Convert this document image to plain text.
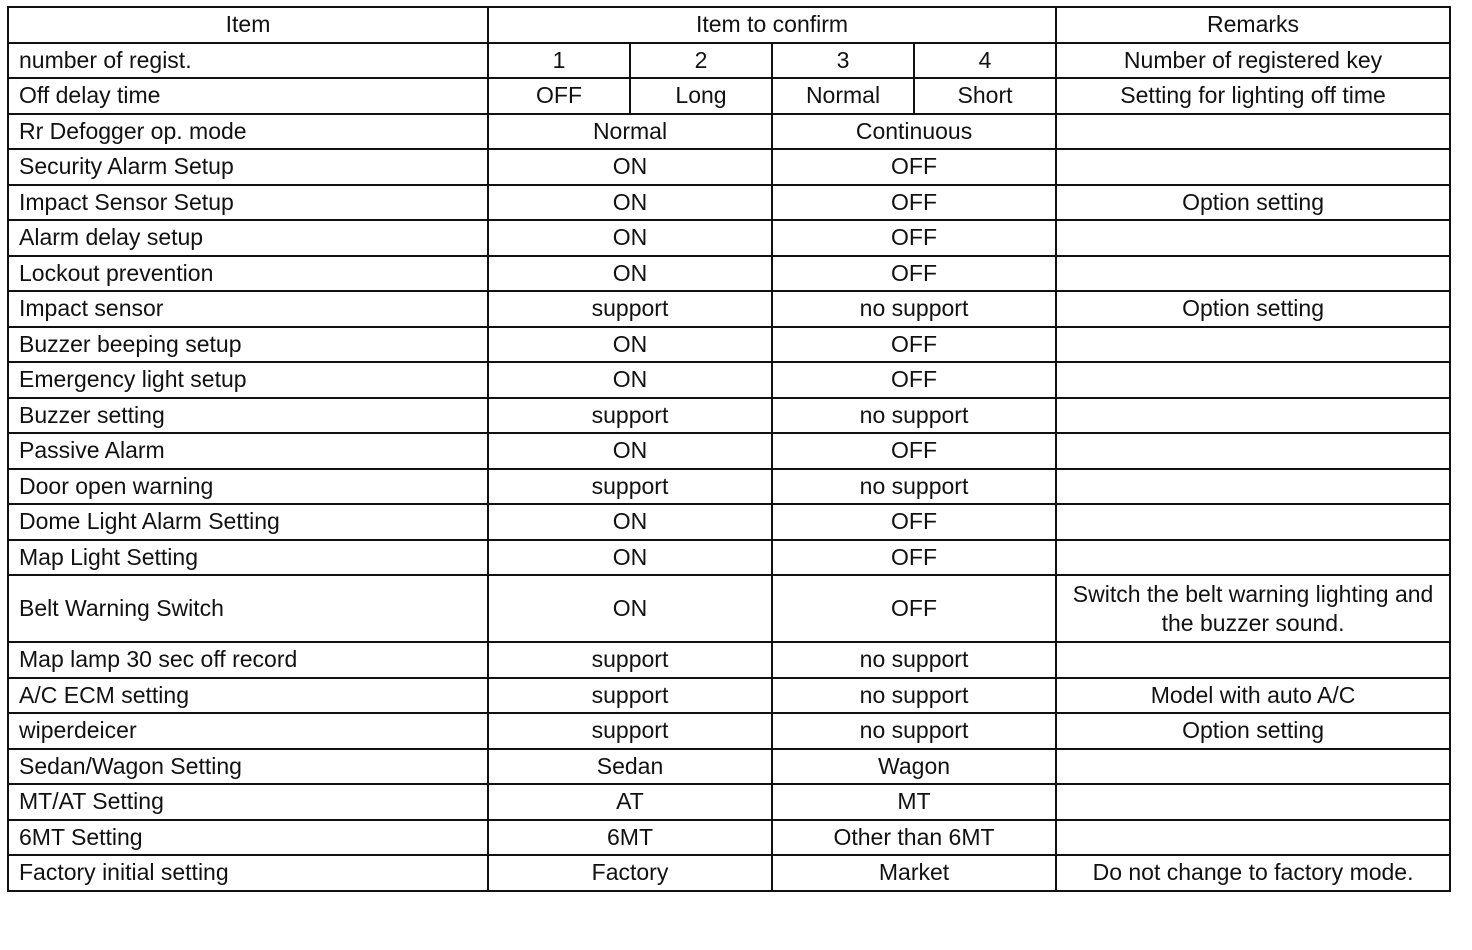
Item	Item to confirm				Remarks
number of regist.	1	2	3	4	Number of registered key
Off delay time	OFF	Long	Normal	Short	Setting for lighting off time
Rr Defogger op. mode	Normal		Continuous		
Security Alarm Setup	ON		OFF		
Impact Sensor Setup	ON		OFF		Option setting
Alarm delay setup	ON		OFF		
Lockout prevention	ON		OFF		
Impact sensor	support		no support		Option setting
Buzzer beeping setup	ON		OFF		
Emergency light setup	ON		OFF		
Buzzer setting	support		no support		
Passive Alarm	ON		OFF		
Door open warning	support		no support		
Dome Light Alarm Setting	ON		OFF		
Map Light Setting	ON		OFF		
Belt Warning Switch	ON		OFF		Switch the belt warning lighting and the buzzer sound.
Map lamp 30 sec off record	support		no support		
A/C ECM setting	support		no support		Model with auto A/C
wiperdeicer	support		no support		Option setting
Sedan/Wagon Setting	Sedan		Wagon		
MT/AT Setting	AT		MT		
6MT Setting	6MT		Other than 6MT		
Factory initial setting	Factory		Market		Do not change to factory mode.
